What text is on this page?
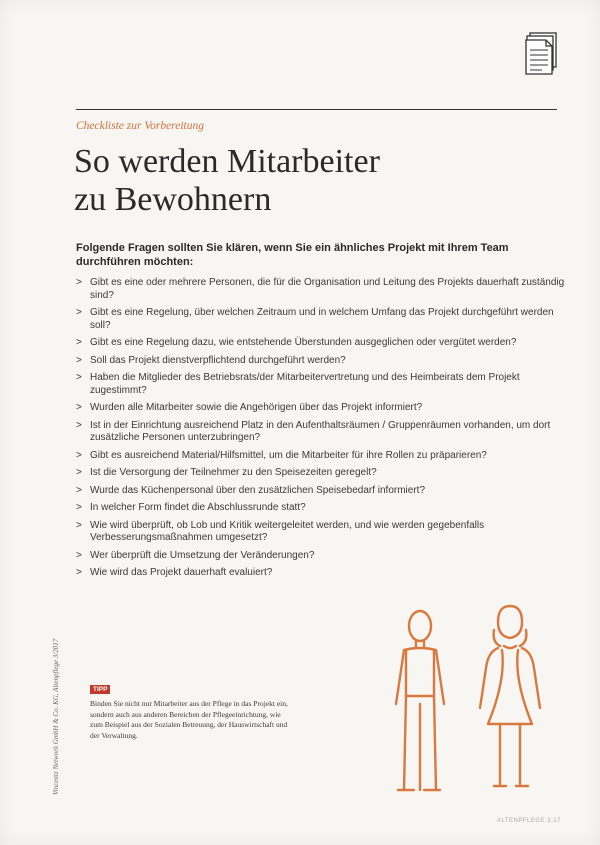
Checkliste zur Vorbereitung
So werden Mitarbeiter
zu Bewohnern
Folgende Fragen sollten Sie klären, wenn Sie ein ähnliches Projekt mit Ihrem Team durchführen möchten:
> Gibt es eine oder mehrere Personen, die für die Organisation und Leitung des Projekts dauerhaft zuständig sind?
> Gibt es eine Regelung, über welchen Zeitraum und in welchem Umfang das Projekt durchgeführt werden soll?
> Gibt es eine Regelung dazu, wie entstehende Überstunden ausgeglichen oder vergütet werden?
> Soll das Projekt dienstverpflichtend durchgeführt werden?
> Haben die Mitglieder des Betriebsrats/der Mitarbeitervertretung und des Heimbeirats dem Projekt zugestimmt?
> Wurden alle Mitarbeiter sowie die Angehörigen über das Projekt informiert?
> Ist in der Einrichtung ausreichend Platz in den Aufenthaltsräumen / Gruppenräumen vorhanden, um dort zusätzliche Personen unterzubringen?
> Gibt es ausreichend Material/Hilfsmittel, um die Mitarbeiter für ihre Rollen zu präparieren?
> Ist die Versorgung der Teilnehmer zu den Speisezeiten geregelt?
> Wurde das Küchenpersonal über den zusätzlichen Speisebedarf informiert?
> In welcher Form findet die Abschlussrunde statt?
> Wie wird überprüft, ob Lob und Kritik weitergeleitet werden, und wie werden gegebenfalls Verbesserungsmaßnahmen umgesetzt?
> Wer überprüft die Umsetzung der Veränderungen?
> Wie wird das Projekt dauerhaft evaluiert?
Vincentz Network GmbH & Co. KG, Altenpflege 3/2017	TIPP
Binden Sie nicht nur Mitarbeiter aus der Pflege in das Projekt ein, sondern auch aus anderen Bereichen der Pflegeeinrichtung, wie zum Beispiel aus der Sozialen Betreuung, der Hauswirtschaft und der Verwaltung.
ALTENPFLEGE 3.17
